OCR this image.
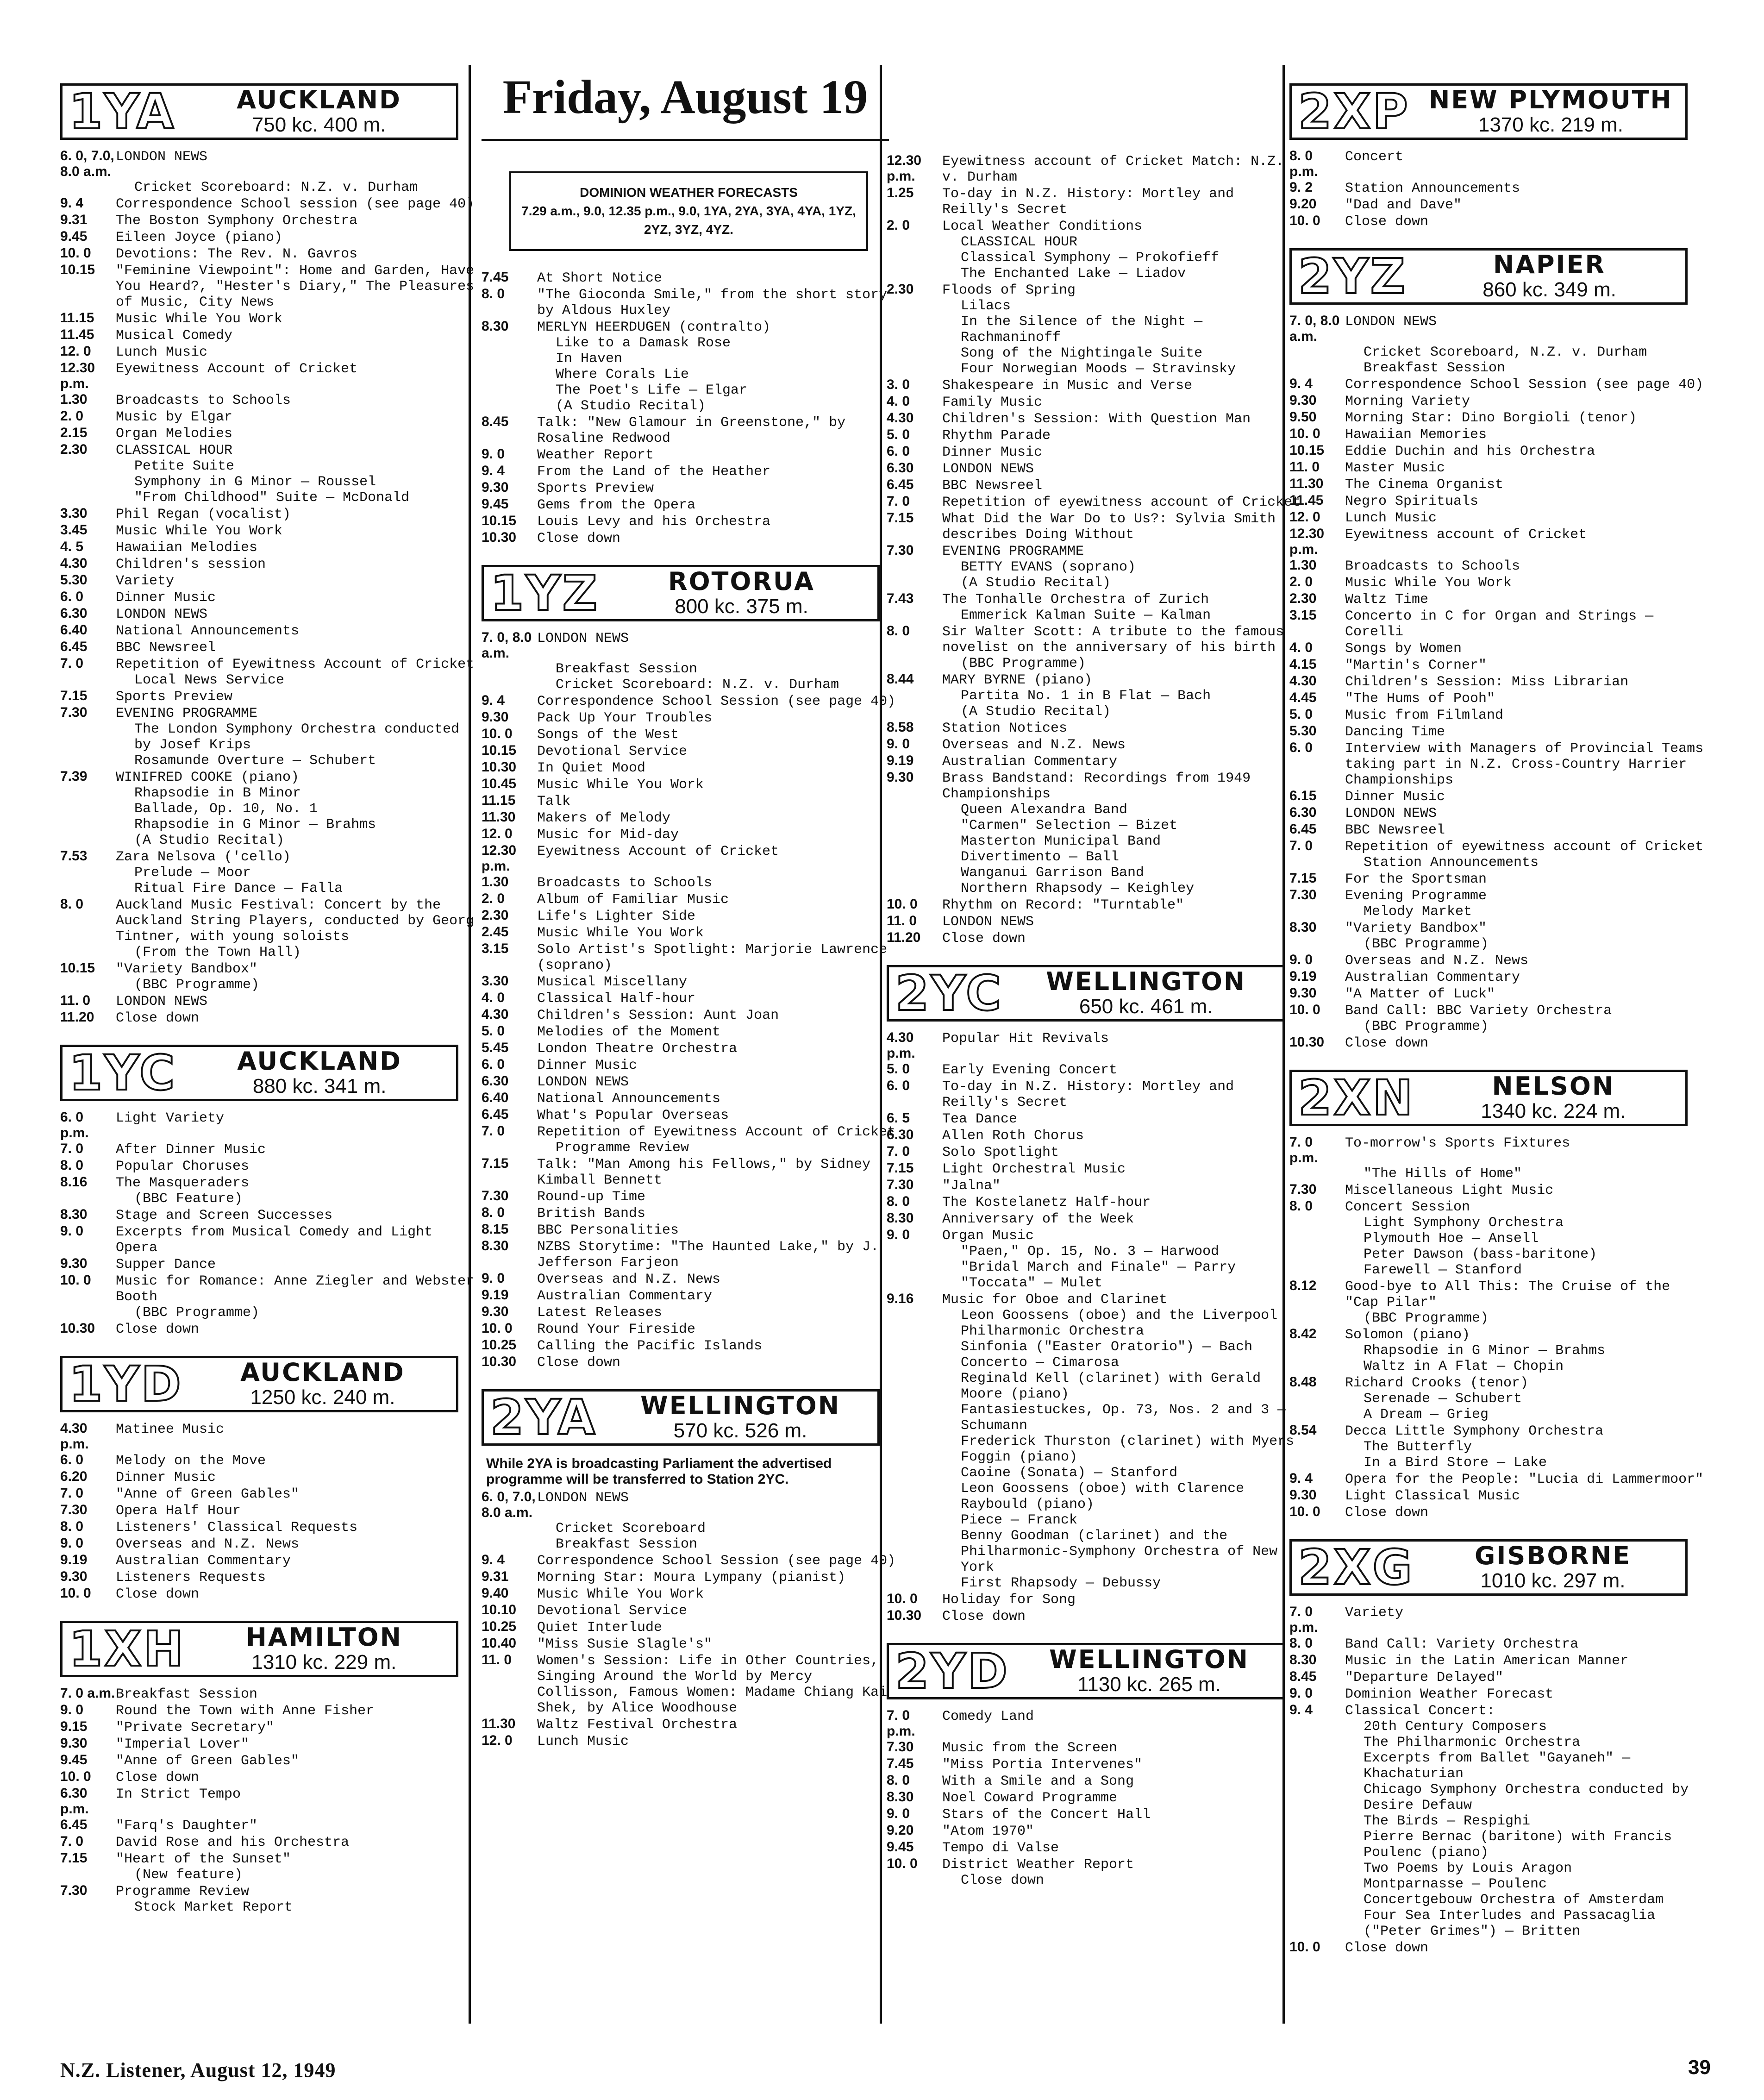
Friday, August 19
1YA AUCKLAND
750 kc. 400 m.
6. 0, 7.0, 8.0 a.m.
LONDON NEWS
Cricket Scoreboard: N.Z. v. Durham
9. 4	Correspondence School session (see page 40)
9.31	The Boston Symphony Orchestra
9.45	Eileen Joyce (piano)
10. 0	Devotions: The Rev. N. Gavros
10.15	"Feminine Viewpoint": Home and Garden, Have You Heard?, "Hester's Diary," The Pleasures of Music, City News
11.15	Music While You Work
11.45	Musical Comedy
12. 0	Lunch Music
12.30 p.m.
Eyewitness Account of Cricket
1.30	Broadcasts to Schools
2. 0	Music by Elgar
2.15	Organ Melodies
2.30	CLASSICAL HOUR
Petite Suite
Symphony in G Minor — Roussel
"From Childhood" Suite — McDonald
3.30	Phil Regan (vocalist)
3.45	Music While You Work
4. 5	Hawaiian Melodies
4.30	Children's session
5.30	Variety
6. 0	Dinner Music
6.30	LONDON NEWS
6.40	National Announcements
6.45	BBC Newsreel
7. 0	Repetition of Eyewitness Account of Cricket
Local News Service
7.15	Sports Preview
7.30	EVENING PROGRAMME
The London Symphony Orchestra conducted by Josef Krips
Rosamunde Overture — Schubert
7.39	WINIFRED COOKE (piano)
Rhapsodie in B Minor
Ballade, Op. 10, No. 1
Rhapsodie in G Minor — Brahms
(A Studio Recital)
7.53	Zara Nelsova ('cello)
Prelude — Moor
Ritual Fire Dance — Falla
8. 0	Auckland Music Festival: Concert by the Auckland String Players, conducted by Georg Tintner, with young soloists
(From the Town Hall)
10.15	"Variety Bandbox"
(BBC Programme)
11. 0	LONDON NEWS
11.20	Close down
1YC AUCKLAND
880 kc. 341 m.
6. 0 p.m.
Light Variety
7. 0	After Dinner Music
8. 0	Popular Choruses
8.16	The Masqueraders
(BBC Feature)
8.30	Stage and Screen Successes
9. 0	Excerpts from Musical Comedy and Light Opera
9.30	Supper Dance
10. 0	Music for Romance: Anne Ziegler and Webster Booth
(BBC Programme)
10.30	Close down
1YD AUCKLAND
1250 kc. 240 m.
4.30 p.m.
Matinee Music
6. 0	Melody on the Move
6.20	Dinner Music
7. 0	"Anne of Green Gables"
7.30	Opera Half Hour
8. 0	Listeners' Classical Requests
9. 0	Overseas and N.Z. News
9.19	Australian Commentary
9.30	Listeners Requests
10. 0	Close down
1XH HAMILTON
1310 kc. 229 m.
7. 0 a.m. Breakfast Session
9. 0	Round the Town with Anne Fisher
9.15	"Private Secretary"
9.30	"Imperial Lover"
9.45	"Anne of Green Gables"
10. 0	Close down
6.30 p.m.
In Strict Tempo
6.45	"Farq's Daughter"
7. 0	David Rose and his Orchestra
7.15	"Heart of the Sunset"
(New feature)
7.30	Programme Review
Stock Market Report
DOMINION WEATHER FORECASTS
7.29 a.m., 9.0, 12.35 p.m., 9.0, 1YA, 2YA, 3YA, 4YA, 1YZ, 2YZ, 3YZ, 4YZ.
7.45	At Short Notice
8. 0	"The Gioconda Smile," from the short story by Aldous Huxley
8.30	MERLYN HEERDUGEN (contralto)
Like to a Damask Rose
In Haven
Where Corals Lie
The Poet's Life — Elgar
(A Studio Recital)
8.45	Talk: "New Glamour in Greenstone," by Rosaline Redwood
9. 0	Weather Report
9. 4	From the Land of the Heather
9.30	Sports Preview
9.45	Gems from the Opera
10.15	Louis Levy and his Orchestra
10.30	Close down
1YZ	ROTORUA
800 kc. 375 m.
7. 0, 8.0 a.m.
LONDON NEWS
Breakfast Session
Cricket Scoreboard: N.Z. v. Durham
9. 4	Correspondence School Session (see page 40)
9.30	Pack Up Your Troubles
10. 0	Songs of the West
10.15	Devotional Service
10.30	In Quiet Mood
10.45	Music While You Work
11.15	Talk
11.30	Makers of Melody
12. 0	Music for Mid-day
12.30 p.m.
Eyewitness Account of Cricket
1.30	Broadcasts to Schools
2. 0	Album of Familiar Music
2.30	Life's Lighter Side
2.45	Music While You Work
3.15	Solo Artist's Spotlight: Marjorie Lawrence (soprano)
3.30	Musical Miscellany
4. 0	Classical Half-hour
4.30	Children's Session: Aunt Joan
5. 0	Melodies of the Moment
5.45	London Theatre Orchestra
6. 0	Dinner Music
6.30	LONDON NEWS
6.40	National Announcements
6.45	What's Popular Overseas
7. 0	Repetition of Eyewitness Account of Cricket
Programme Review
7.15	Talk: "Man Among his Fellows," by Sidney Kimball Bennett
7.30	Round-up Time
8. 0	British Bands
8.15	BBC Personalities
8.30	NZBS Storytime: "The Haunted Lake," by J. Jefferson Farjeon
9. 0	Overseas and N.Z. News
9.19	Australian Commentary
9.30	Latest Releases
10. 0	Round Your Fireside
10.25	Calling the Pacific Islands
10.30	Close down
2YA WELLINGTON
570 kc. 526 m.
While 2YA is broadcasting Parliament the advertised programme will be transferred to Station 2YC.
6. 0, 7.0, 8.0 a.m.
LONDON NEWS
Cricket Scoreboard
Breakfast Session
9. 4	Correspondence School Session (see page 40)
9.31	Morning Star: Moura Lympany (pianist)
9.40	Music While You Work
10.10	Devotional Service
10.25	Quiet Interlude
10.40	"Miss Susie Slagle's"
11. 0	Women's Session: Life in Other Countries, Singing Around the World by Mercy Collisson, Famous Women: Madame Chiang Kai Shek, by Alice Woodhouse
11.30	Waltz Festival Orchestra
12. 0	Lunch Music
12.30 p.m.
Eyewitness account of Cricket Match: N.Z. v. Durham
1.25	To-day in N.Z. History: Mortley and Reilly's Secret
2. 0	Local Weather Conditions
CLASSICAL HOUR
Classical Symphony — Prokofieff
The Enchanted Lake — Liadov
2.30	Floods of Spring
Lilacs
In the Silence of the Night — Rachmaninoff
Song of the Nightingale Suite
Four Norwegian Moods — Stravinsky
3. 0	Shakespeare in Music and Verse
4. 0	Family Music
4.30	Children's Session: With Question Man
5. 0	Rhythm Parade
6. 0	Dinner Music
6.30	LONDON NEWS
6.45	BBC Newsreel
7. 0	Repetition of eyewitness account of Cricket
7.15	What Did the War Do to Us?: Sylvia Smith describes Doing Without
7.30	EVENING PROGRAMME
BETTY EVANS (soprano)
(A Studio Recital)
7.43	The Tonhalle Orchestra of Zurich
Emmerick Kalman Suite — Kalman
8. 0	Sir Walter Scott: A tribute to the famous novelist on the anniversary of his birth
(BBC Programme)
8.44	MARY BYRNE (piano)
Partita No. 1 in B Flat — Bach
(A Studio Recital)
8.58	Station Notices
9. 0	Overseas and N.Z. News
9.19	Australian Commentary
9.30	Brass Bandstand: Recordings from 1949 Championships
Queen Alexandra Band
"Carmen" Selection — Bizet
Masterton Municipal Band
Divertimento — Ball
Wanganui Garrison Band
Northern Rhapsody — Keighley
10. 0	Rhythm on Record: "Turntable"
11. 0	LONDON NEWS
11.20	Close down
2YC WELLINGTON
650 kc. 461 m.
4.30 p.m.
Popular Hit Revivals
5. 0	Early Evening Concert
6. 0	To-day in N.Z. History: Mortley and Reilly's Secret
6. 5	Tea Dance
6.30	Allen Roth Chorus
7. 0	Solo Spotlight
7.15	Light Orchestral Music
7.30	"Jalna"
8. 0	The Kostelanetz Half-hour
8.30	Anniversary of the Week
9. 0	Organ Music
"Paen," Op. 15, No. 3 — Harwood
"Bridal March and Finale" — Parry
"Toccata" — Mulet
9.16	Music for Oboe and Clarinet
Leon Goossens (oboe) and the Liverpool Philharmonic Orchestra
Sinfonia ("Easter Oratorio") — Bach
Concerto — Cimarosa
Reginald Kell (clarinet) with Gerald Moore (piano)
Fantasiestuckes, Op. 73, Nos. 2 and 3 — Schumann
Frederick Thurston (clarinet) with Myers Foggin (piano)
Caoine (Sonata) — Stanford
Leon Goossens (oboe) with Clarence Raybould (piano)
Piece — Franck
Benny Goodman (clarinet) and the Philharmonic-Symphony Orchestra of New York
First Rhapsody — Debussy
10. 0	Holiday for Song
10.30	Close down
2YD WELLINGTON
1130 kc. 265 m.
7. 0 p.m.
Comedy Land
7.30	Music from the Screen
7.45	"Miss Portia Intervenes"
8. 0	With a Smile and a Song
8.30	Noel Coward Programme
9. 0	Stars of the Concert Hall
9.20	"Atom 1970"
9.45	Tempo di Valse
10. 0	District Weather Report
Close down
2XP NEW PLYMOUTH
1370 kc. 219 m.
8. 0 p.m.
Concert
9. 2	Station Announcements
9.20	"Dad and Dave"
10. 0	Close down
2YZ	NAPIER
860 kc. 349 m.
7. 0, 8.0 a.m.
LONDON NEWS
Cricket Scoreboard, N.Z. v. Durham
Breakfast Session
9. 4	Correspondence School Session (see page 40)
9.30	Morning Variety
9.50	Morning Star: Dino Borgioli (tenor)
10. 0	Hawaiian Memories
10.15	Eddie Duchin and his Orchestra
11. 0	Master Music
11.30	The Cinema Organist
11.45	Negro Spirituals
12. 0	Lunch Music
12.30 p.m.
Eyewitness account of Cricket
1.30	Broadcasts to Schools
2. 0	Music While You Work
2.30	Waltz Time
3.15	Concerto in C for Organ and Strings — Corelli
4. 0	Songs by Women
4.15	"Martin's Corner"
4.30	Children's Session: Miss Librarian
4.45	"The Hums of Pooh"
5. 0	Music from Filmland
5.30	Dancing Time
6. 0	Interview with Managers of Provincial Teams taking part in N.Z. Cross-Country Harrier Championships
6.15	Dinner Music
6.30	LONDON NEWS
6.45	BBC Newsreel
7. 0	Repetition of eyewitness account of Cricket
Station Announcements
7.15	For the Sportsman
7.30	Evening Programme
Melody Market
8.30	"Variety Bandbox"
(BBC Programme)
9. 0	Overseas and N.Z. News
9.19	Australian Commentary
9.30	"A Matter of Luck"
10. 0	Band Call: BBC Variety Orchestra
(BBC Programme)
10.30	Close down
2XN	NELSON
1340 kc. 224 m.
7. 0 p.m.
To-morrow's Sports Fixtures
"The Hills of Home"
7.30	Miscellaneous Light Music
8. 0	Concert Session
Light Symphony Orchestra
Plymouth Hoe — Ansell
Peter Dawson (bass-baritone)
Farewell — Stanford
8.12	Good-bye to All This: The Cruise of the "Cap Pilar"
(BBC Programme)
8.42	Solomon (piano)
Rhapsodie in G Minor — Brahms
Waltz in A Flat — Chopin
8.48	Richard Crooks (tenor)
Serenade — Schubert
A Dream — Grieg
8.54	Decca Little Symphony Orchestra
The Butterfly
In a Bird Store — Lake
9. 4	Opera for the People: "Lucia di Lammermoor"
9.30	Light Classical Music
10. 0	Close down
2XG GISBORNE
1010 kc. 297 m.
7. 0 p.m.
Variety
8. 0	Band Call: Variety Orchestra
8.30	Music in the Latin American Manner
8.45	"Departure Delayed"
9. 0	Dominion Weather Forecast
9. 4	Classical Concert:
20th Century Composers
The Philharmonic Orchestra
Excerpts from Ballet "Gayaneh" — Khachaturian
Chicago Symphony Orchestra conducted by Desire Defauw
The Birds — Respighi
Pierre Bernac (baritone) with Francis Poulenc (piano)
Two Poems by Louis Aragon
Montparnasse — Poulenc
Concertgebouw Orchestra of Amsterdam
Four Sea Interludes and Passacaglia ("Peter Grimes") — Britten
10. 0	Close down
N.Z. Listener, August 12, 1949	39
